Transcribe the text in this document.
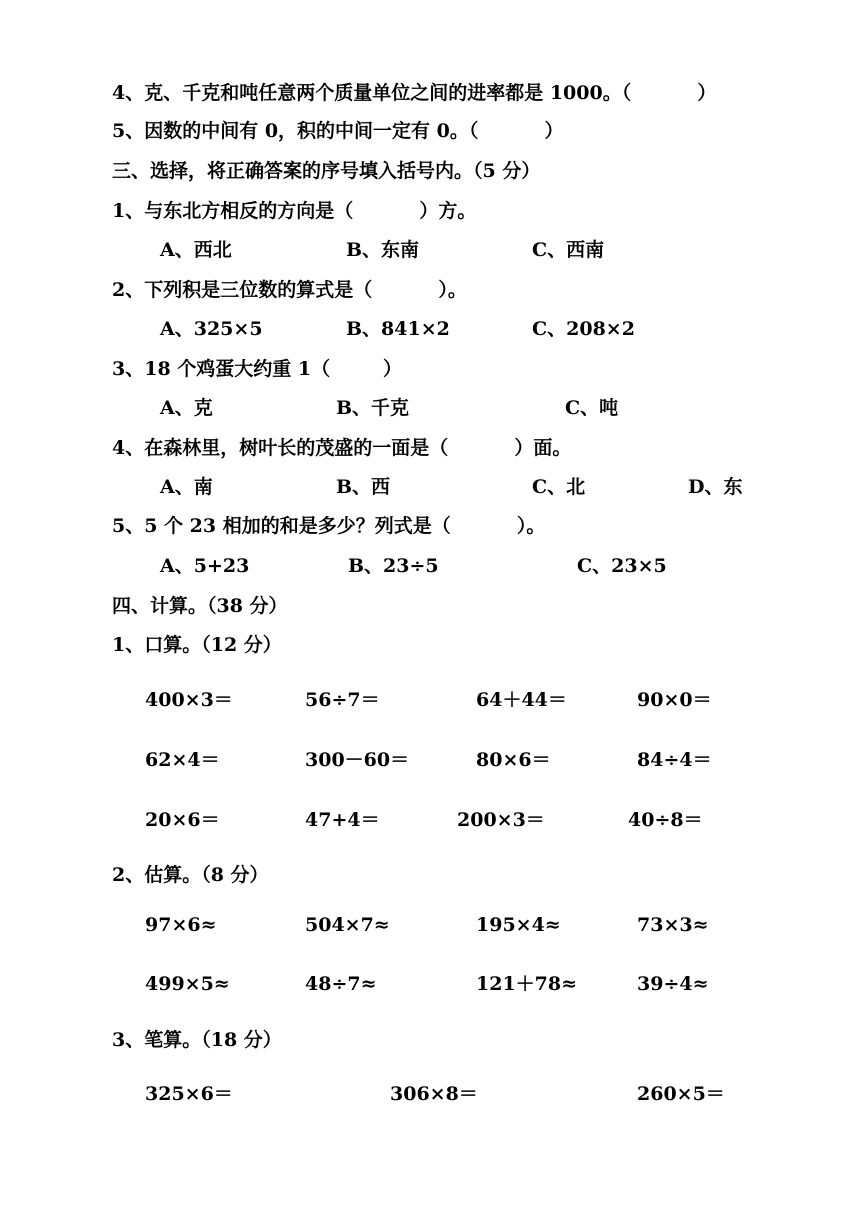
4、克、千克和吨任意两个质量单位之间的进率都是 1000。（          ）
5、因数的中间有 0，积的中间一定有 0。（          ）
三、选择，将正确答案的序号填入括号内。（5 分）
1、与东北方相反的方向是（          ）方。
A、西北	B、东南	C、西南
2、下列积是三位数的算式是（          ）。
A、325×5	B、841×2	C、208×2
3、18 个鸡蛋大约重 1（        ）
A、克	B、千克	C、吨
4、在森林里，树叶长的茂盛的一面是（          ）面。
A、南	B、西	C、北	D、东
5、5 个 23 相加的和是多少？列式是（          ）。
A、5+23	B、23÷5	C、23×5
四、计算。（38 分）
1、口算。（12 分）
400×3＝	56÷7＝	64＋44＝	90×0＝
62×4＝	300－60＝	80×6＝	84÷4＝
20×6＝	47+4＝	200×3＝	40÷8＝
2、估算。（8 分）
97×6≈	504×7≈	195×4≈	73×3≈
499×5≈	48÷7≈	121＋78≈	39÷4≈
3、笔算。（18 分）
325×6＝	306×8＝	260×5＝
